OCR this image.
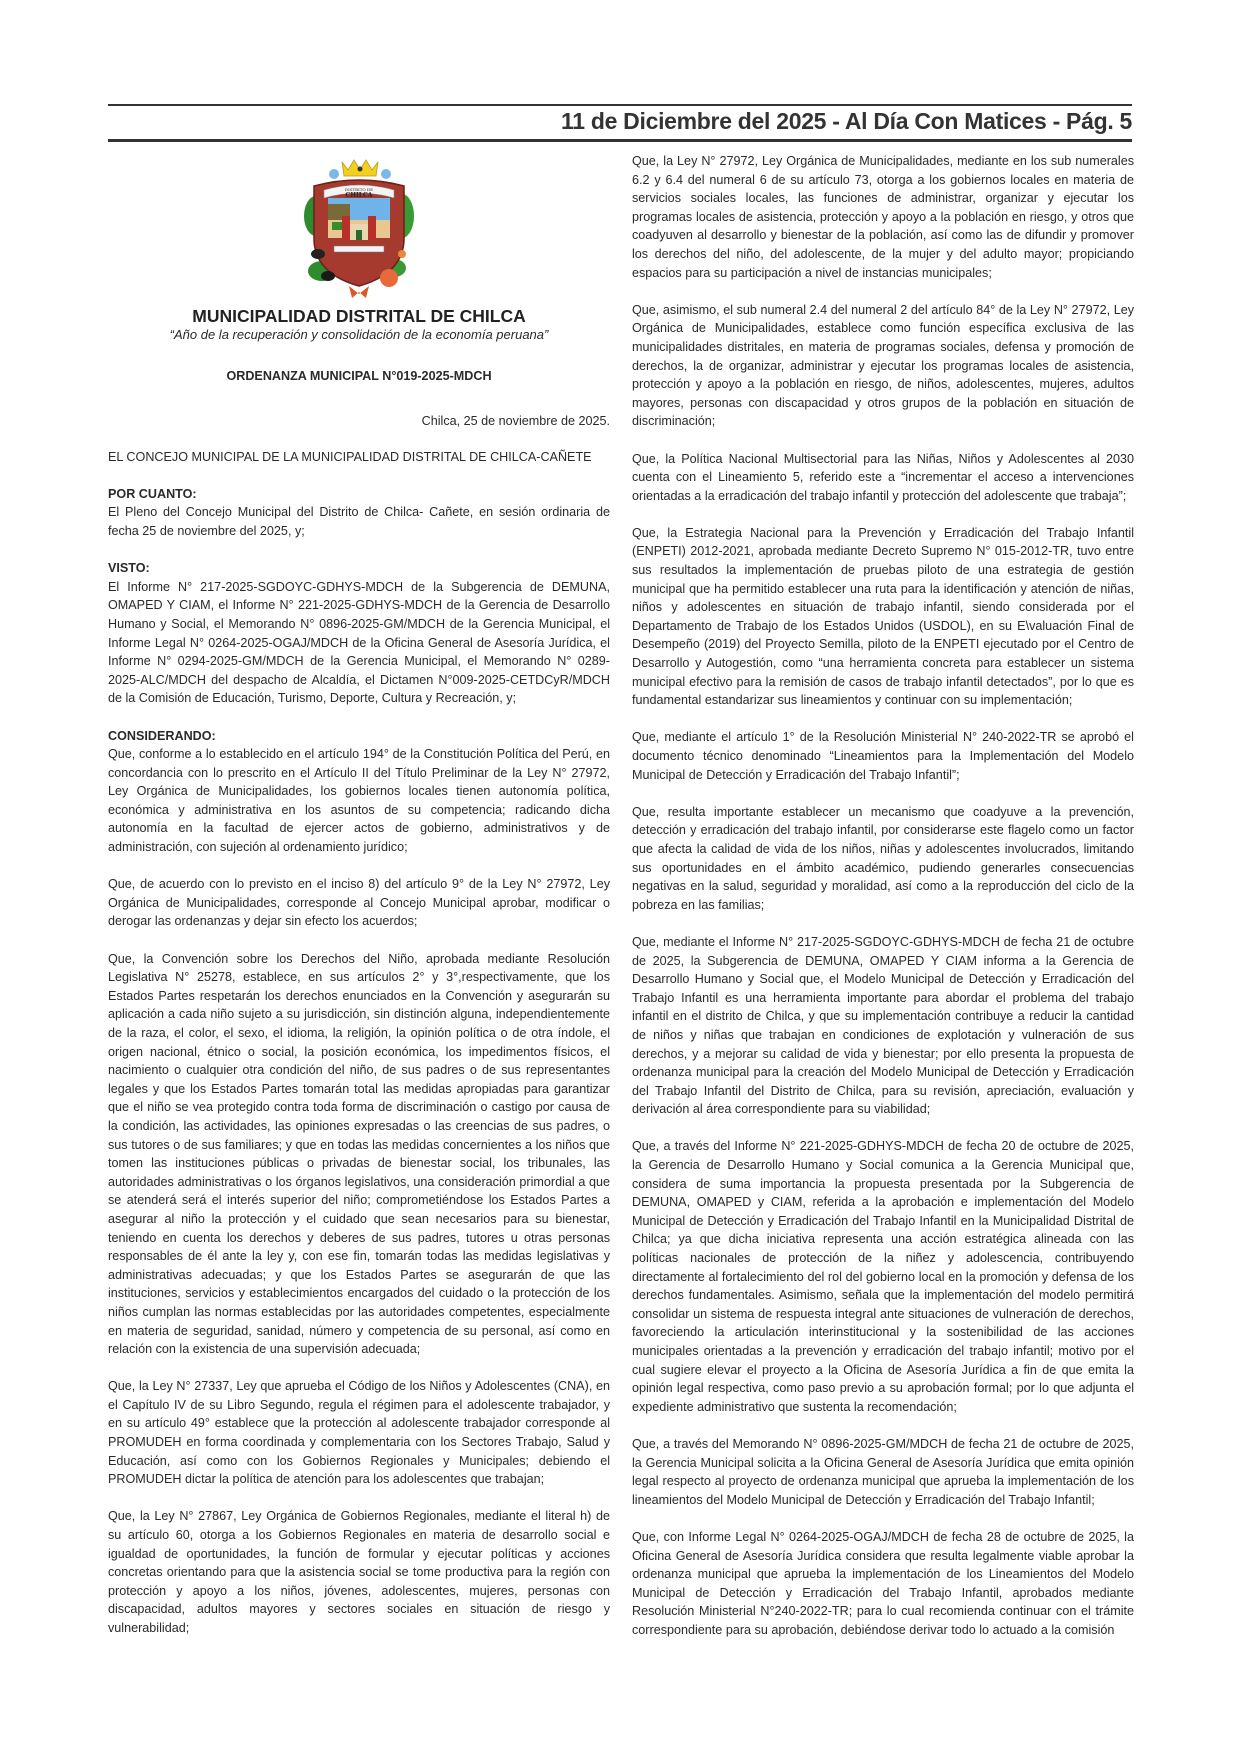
11 de Diciembre del 2025 - Al Día Con Matices - Pág. 5
DISTRITO DE
CHILCA
MUNICIPALIDAD DISTRITAL DE CHILCA
“Año de la recuperación y consolidación de la economía peruana”
ORDENANZA MUNICIPAL N°019-2025-MDCH
Chilca, 25 de noviembre de 2025.
EL CONCEJO MUNICIPAL DE LA MUNICIPALIDAD DISTRITAL DE CHILCA-CAÑETE
POR CUANTO:

El Pleno del Concejo Municipal del Distrito de Chilca- Cañete, en sesión ordinaria de fecha 25 de noviembre del 2025, y;

VISTO:

El Informe N° 217-2025-SGDOYC-GDHYS-MDCH de la Subgerencia de DEMUNA, OMAPED Y CIAM, el Informe N° 221-2025-GDHYS-MDCH de la Gerencia de Desarrollo Humano y Social, el Memorando N° 0896-2025-GM/MDCH de la Gerencia Municipal, el Informe Legal N° 0264-2025-OGAJ/MDCH de la Oficina General de Asesoría Jurídica, el Informe N° 0294-2025-GM/MDCH de la Gerencia Municipal, el Memorando N° 0289-2025-ALC/MDCH del despacho de Alcaldía, el Dictamen N°009-2025-CETDCyR/MDCH de la Comisión de Educación, Turismo, Deporte, Cultura y Recreación, y;

CONSIDERANDO:

Que, conforme a lo establecido en el artículo 194° de la Constitución Política del Perú, en concordancia con lo prescrito en el Artículo II del Título Preliminar de la Ley N° 27972, Ley Orgánica de Municipalidades, los gobiernos locales tienen autonomía política, económica y administrativa en los asuntos de su competencia; radicando dicha autonomía en la facultad de ejercer actos de gobierno, administrativos y de administración, con sujeción al ordenamiento jurídico;

Que, de acuerdo con lo previsto en el inciso 8) del artículo 9° de la Ley N° 27972, Ley Orgánica de Municipalidades, corresponde al Concejo Municipal aprobar, modificar o derogar las ordenanzas y dejar sin efecto los acuerdos;

Que, la Convención sobre los Derechos del Niño, aprobada mediante Resolución Legislativa N° 25278, establece, en sus artículos 2° y 3°,respectivamente, que los Estados Partes respetarán los derechos enunciados en la Convención y asegurarán su aplicación a cada niño sujeto a su jurisdicción, sin distinción alguna, independientemente de la raza, el color, el sexo, el idioma, la religión, la opinión política o de otra índole, el origen nacional, étnico o social, la posición económica, los impedimentos físicos, el nacimiento o cualquier otra condición del niño, de sus padres o de sus representantes legales y que los Estados Partes tomarán total las medidas apropiadas para garantizar que el niño se vea protegido contra toda forma de discriminación o castigo por causa de la condición, las actividades, las opiniones expresadas o las creencias de sus padres, o sus tutores o de sus familiares; y que en todas las medidas concernientes a los niños que tomen las instituciones públicas o privadas de bienestar social, los tribunales, las autoridades administrativas o los órganos legislativos, una consideración primordial a que se atenderá será el interés superior del niño; comprometiéndose los Estados Partes a asegurar al niño la protección y el cuidado que sean necesarios para su bienestar, teniendo en cuenta los derechos y deberes de sus padres, tutores u otras personas responsables de él ante la ley y, con ese fin, tomarán todas las medidas legislativas y administrativas adecuadas; y que los Estados Partes se asegurarán de que las instituciones, servicios y establecimientos encargados del cuidado o la protección de los niños cumplan las normas establecidas por las autoridades competentes, especialmente en materia de seguridad, sanidad, número y competencia de su personal, así como en relación con la existencia de una supervisión adecuada;

Que, la Ley N° 27337, Ley que aprueba el Código de los Niños y Adolescentes (CNA), en el Capítulo IV de su Libro Segundo, regula el régimen para el adolescente trabajador, y en su artículo 49° establece que la protección al adolescente trabajador corresponde al PROMUDEH en forma coordinada y complementaria con los Sectores Trabajo, Salud y Educación, así como con los Gobiernos Regionales y Municipales; debiendo el PROMUDEH dictar la política de atención para los adolescentes que trabajan;

Que, la Ley N° 27867, Ley Orgánica de Gobiernos Regionales, mediante el literal h) de su artículo 60, otorga a los Gobiernos Regionales en materia de desarrollo social e igualdad de oportunidades, la función de formular y ejecutar políticas y acciones concretas orientando para que la asistencia social se tome productiva para la región con protección y apoyo a los niños, jóvenes, adolescentes, mujeres, personas con discapacidad, adultos mayores y sectores sociales en situación de riesgo y vulnerabilidad;

Que, la Ley N° 27972, Ley Orgánica de Municipalidades, mediante en los sub numerales 6.2 y 6.4 del numeral 6 de su artículo 73, otorga a los gobiernos locales en materia de servicios sociales locales, las funciones de administrar, organizar y ejecutar los programas locales de asistencia, protección y apoyo a la población en riesgo, y otros que coadyuven al desarrollo y bienestar de la población, así como las de difundir y promover los derechos del niño, del adolescente, de la mujer y del adulto mayor; propiciando espacios para su participación a nivel de instancias municipales;

Que, asimismo, el sub numeral 2.4 del numeral 2 del artículo 84° de la Ley N° 27972, Ley Orgánica de Municipalidades, establece como función específica exclusiva de las municipalidades distritales, en materia de programas sociales, defensa y promoción de derechos, la de organizar, administrar y ejecutar los programas locales de asistencia, protección y apoyo a la población en riesgo, de niños, adolescentes, mujeres, adultos mayores, personas con discapacidad y otros grupos de la población en situación de discriminación;

Que, la Política Nacional Multisectorial para las Niñas, Niños y Adolescentes al 2030 cuenta con el Lineamiento 5, referido este a “incrementar el acceso a intervenciones orientadas a la erradicación del trabajo infantil y protección del adolescente que trabaja”;

Que, la Estrategia Nacional para la Prevención y Erradicación del Trabajo Infantil (ENPETI) 2012-2021, aprobada mediante Decreto Supremo N° 015-2012-TR, tuvo entre sus resultados la implementación de pruebas piloto de una estrategia de gestión municipal que ha permitido establecer una ruta para la identificación y atención de niñas, niños y adolescentes en situación de trabajo infantil, siendo considerada por el Departamento de Trabajo de los Estados Unidos (USDOL), en su E\valuación Final de Desempeño (2019) del Proyecto Semilla, piloto de la ENPETI ejecutado por el Centro de Desarrollo y Autogestión, como “una herramienta concreta para establecer un sistema municipal efectivo para la remisión de casos de trabajo infantil detectados”, por lo que es fundamental estandarizar sus lineamientos y continuar con su implementación;

Que, mediante el artículo 1° de la Resolución Ministerial N° 240-2022-TR se aprobó el documento técnico denominado “Lineamientos para la Implementación del Modelo Municipal de Detección y Erradicación del Trabajo Infantil”;

Que, resulta importante establecer un mecanismo que coadyuve a la prevención, detección y erradicación del trabajo infantil, por considerarse este flagelo como un factor que afecta la calidad de vida de los niños, niñas y adolescentes involucrados, limitando sus oportunidades en el ámbito académico, pudiendo generarles consecuencias negativas en la salud, seguridad y moralidad, así como a la reproducción del ciclo de la pobreza en las familias;

Que, mediante el Informe N° 217-2025-SGDOYC-GDHYS-MDCH de fecha 21 de octubre de 2025, la Subgerencia de DEMUNA, OMAPED Y CIAM informa a la Gerencia de Desarrollo Humano y Social que, el Modelo Municipal de Detección y Erradicación del Trabajo Infantil es una herramienta importante para abordar el problema del trabajo infantil en el distrito de Chilca, y que su implementación contribuye a reducir la cantidad de niños y niñas que trabajan en condiciones de explotación y vulneración de sus derechos, y a mejorar su calidad de vida y bienestar; por ello presenta la propuesta de ordenanza municipal para la creación del Modelo Municipal de Detección y Erradicación del Trabajo Infantil del Distrito de Chilca, para su revisión, apreciación, evaluación y derivación al área correspondiente para su viabilidad;

Que, a través del Informe N° 221-2025-GDHYS-MDCH de fecha 20 de octubre de 2025, la Gerencia de Desarrollo Humano y Social comunica a la Gerencia Municipal que, considera de suma importancia la propuesta presentada por la Subgerencia de DEMUNA, OMAPED y CIAM, referida a la aprobación e implementación del Modelo Municipal de Detección y Erradicación del Trabajo Infantil en la Municipalidad Distrital de Chilca; ya que dicha iniciativa representa una acción estratégica alineada con las políticas nacionales de protección de la niñez y adolescencia, contribuyendo directamente al fortalecimiento del rol del gobierno local en la promoción y defensa de los derechos fundamentales. Asimismo, señala que la implementación del modelo permitirá consolidar un sistema de respuesta integral ante situaciones de vulneración de derechos, favoreciendo la articulación interinstitucional y la sostenibilidad de las acciones municipales orientadas a la prevención y erradicación del trabajo infantil; motivo por el cual sugiere elevar el proyecto a la Oficina de Asesoría Jurídica a fin de que emita la opinión legal respectiva, como paso previo a su aprobación formal; por lo que adjunta el expediente administrativo que sustenta la recomendación;

Que, a través del Memorando N° 0896-2025-GM/MDCH de fecha 21 de octubre de 2025, la Gerencia Municipal solicita a la Oficina General de Asesoría Jurídica que emita opinión legal respecto al proyecto de ordenanza municipal que aprueba la implementación de los lineamientos del Modelo Municipal de Detección y Erradicación del Trabajo Infantil;

Que, con Informe Legal N° 0264-2025-OGAJ/MDCH de fecha 28 de octubre de 2025, la Oficina General de Asesoría Jurídica considera que resulta legalmente viable aprobar la ordenanza municipal que aprueba la implementación de los Lineamientos del Modelo Municipal de Detección y Erradicación del Trabajo Infantil, aprobados mediante Resolución Ministerial N°240-2022-TR; para lo cual recomienda continuar con el trámite correspondiente para su aprobación, debiéndose derivar todo lo actuado a la comisión
